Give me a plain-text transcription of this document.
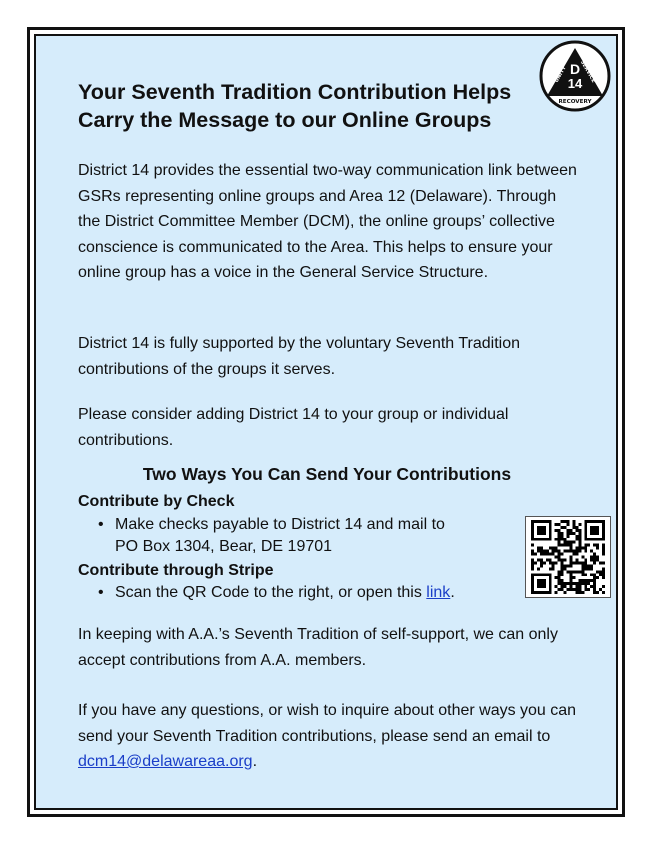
Your Seventh Tradition Contribution Helps
Carry the Message to our Online Groups
UNITY
SERVICE
D
14
RECOVERY

District 14 provides the essential two-way communication link between GSRs representing online groups and Area 12 (Delaware). Through the District Committee Member (DCM), the online groups’ collective conscience is communicated to the Area. This helps to ensure your online group has a voice in the General Service Structure.

District 14 is fully supported by the voluntary Seventh Tradition contributions of the groups it serves.

Please consider adding District 14 to your group or individual contributions.

Two Ways You Can Send Your Contributions

Contribute by Check

• Make checks payable to District 14 and mail to
PO Box 1304, Bear, DE 19701

Contribute through Stripe

• Scan the QR Code to the right, or open this link.

In keeping with A.A.’s Seventh Tradition of self-support, we can only accept contributions from A.A. members.

If you have any questions, or wish to inquire about other ways you can send your Seventh Tradition contributions, please send an email to dcm14@delawareaa.org.
